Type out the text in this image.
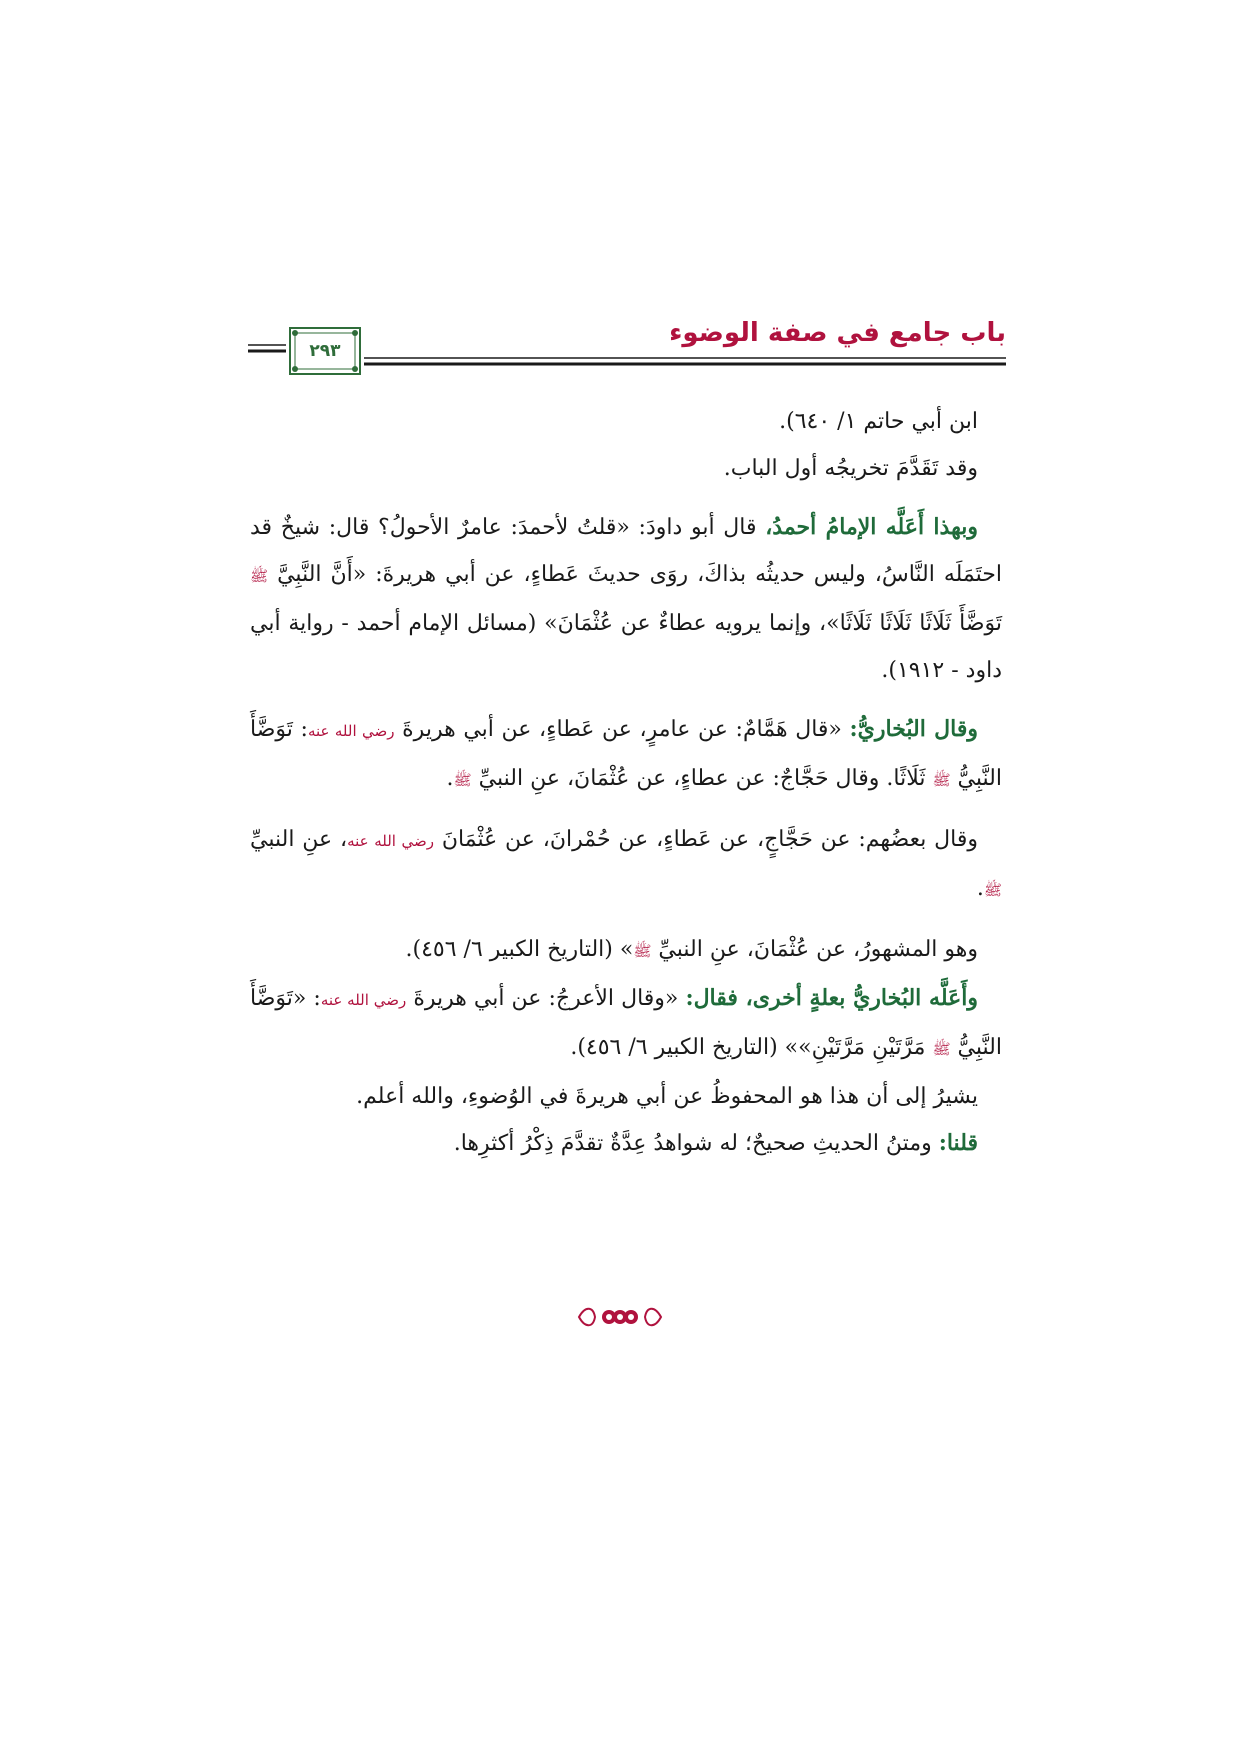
٢٩٣
باب جامع في صفة الوضوء

ابن أبي حاتم ١/ ٦٤٠).

وقد تَقَدَّمَ تخريجُه أول الباب.

وبهذا أَعَلَّه الإمامُ أحمدُ، قال أبو داودَ: «قلتُ لأحمدَ: عامرٌ الأحولُ؟ قال: شيخٌ قد احتَمَلَه النَّاسُ، وليس حديثُه بذاكَ، روَى حديثَ عَطاءٍ، عن أبي هريرةَ: «أَنَّ النَّبِيَّ ﷺ تَوَضَّأَ ثَلَاثًا ثَلَاثًا ثَلَاثًا»، وإنما يرويه عطاءٌ عن عُثْمَانَ» (مسائل الإمام أحمد - رواية أبي داود - ١٩١٢).

وقال البُخاريُّ: «قال هَمَّامٌ: عن عامرٍ، عن عَطاءٍ، عن أبي هريرةَ رضي الله عنه: تَوَضَّأَ النَّبِيُّ ﷺ ثَلَاثًا. وقال حَجَّاجٌ: عن عطاءٍ، عن عُثْمَانَ، عنِ النبيِّ ﷺ.

وقال بعضُهم: عن حَجَّاجٍ، عن عَطاءٍ، عن حُمْرانَ، عن عُثْمَانَ رضي الله عنه، عنِ النبيِّ ﷺ.

وهو المشهورُ، عن عُثْمَانَ، عنِ النبيِّ ﷺ» (التاريخ الكبير ٦/ ٤٥٦).

وأَعَلَّه البُخاريُّ بعلةٍ أخرى، فقال: «وقال الأعرجُ: عن أبي هريرةَ رضي الله عنه: «تَوَضَّأَ النَّبِيُّ ﷺ مَرَّتَيْنِ مَرَّتَيْنِ»» (التاريخ الكبير ٦/ ٤٥٦).

يشيرُ إلى أن هذا هو المحفوظُ عن أبي هريرةَ في الوُضوءِ، والله أعلم.

قلنا: ومتنُ الحديثِ صحيحٌ؛ له شواهدُ عِدَّةٌ تقدَّمَ ذِكْرُ أكثرِها.
